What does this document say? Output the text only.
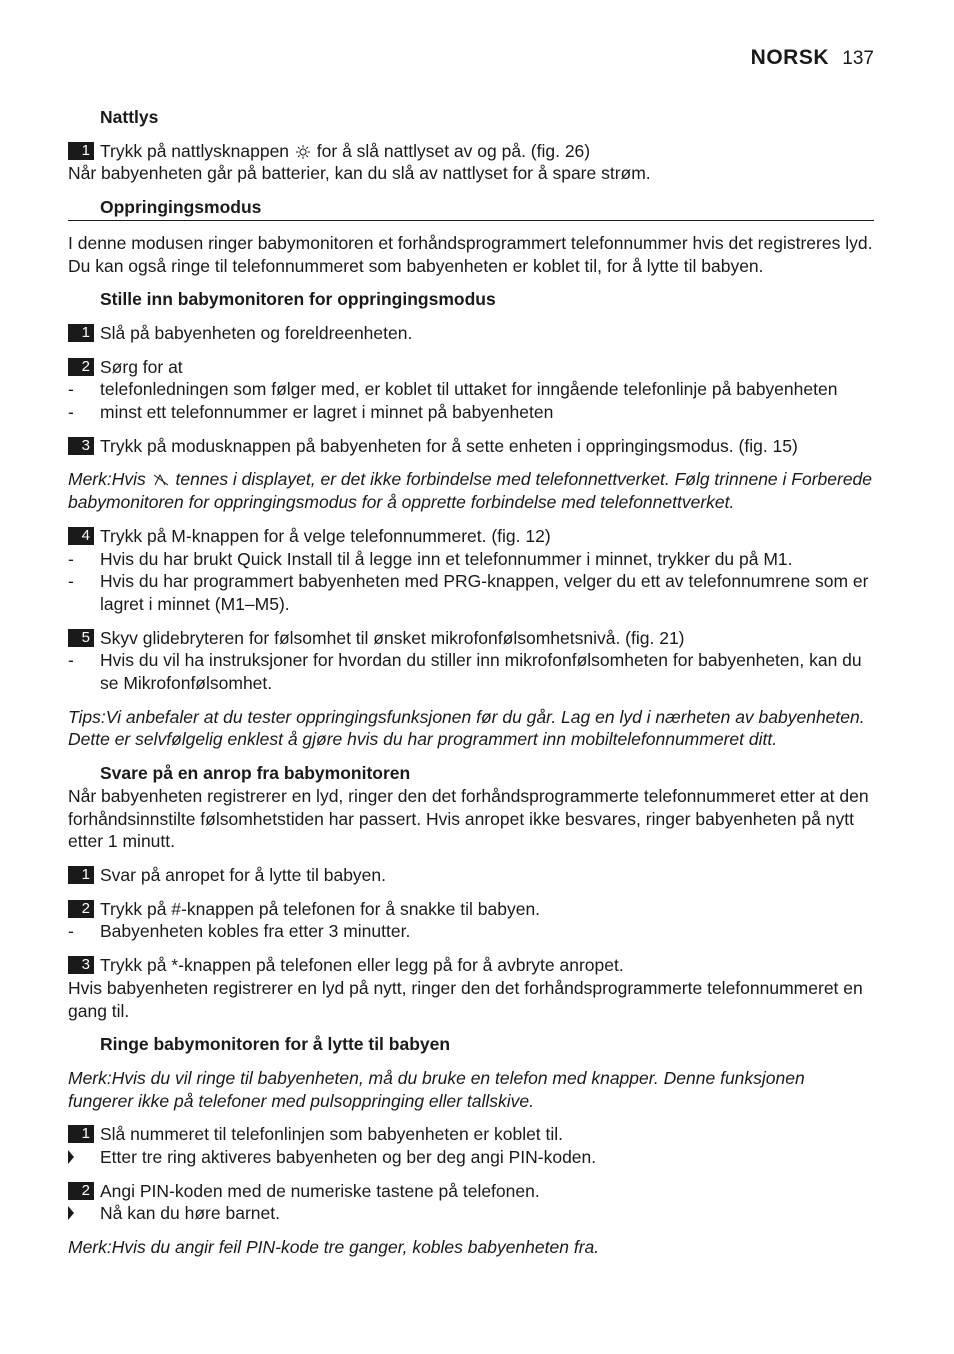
NORSK 137

Nattlys

1 Trykk på nattlysknappen for å slå nattlyset av og på. (fig. 26)

Når babyenheten går på batterier, kan du slå av nattlyset for å spare strøm.

Oppringingsmodus

I denne modusen ringer babymonitoren et forhåndsprogrammert telefonnummer hvis det registreres lyd. Du kan også ringe til telefonnummeret som babyenheten er koblet til, for å lytte til babyen.

Stille inn babymonitoren for oppringingsmodus

1 Slå på babyenheten og foreldreenheten.

2 Sørg for at

- telefonledningen som følger med, er koblet til uttaket for inngående telefonlinje på babyenheten

- minst ett telefonnummer er lagret i minnet på babyenheten

3 Trykk på modusknappen på babyenheten for å sette enheten i oppringingsmodus. (fig. 15)

Merk:Hvis tennes i displayet, er det ikke forbindelse med telefonnettverket. Følg trinnene i Forberede babymonitoren for oppringingsmodus for å opprette forbindelse med telefonnettverket.

4 Trykk på M-knappen for å velge telefonnummeret. (fig. 12)

- Hvis du har brukt Quick Install til å legge inn et telefonnummer i minnet, trykker du på M1.

- Hvis du har programmert babyenheten med PRG-knappen, velger du ett av telefonnumrene som er lagret i minnet (M1–M5).

5 Skyv glidebryteren for følsomhet til ønsket mikrofonfølsomhetsnivå. (fig. 21)

- Hvis du vil ha instruksjoner for hvordan du stiller inn mikrofonfølsomheten for babyenheten, kan du se Mikrofonfølsomhet.

Tips:Vi anbefaler at du tester oppringingsfunksjonen før du går. Lag en lyd i nærheten av babyenheten. Dette er selvfølgelig enklest å gjøre hvis du har programmert inn mobiltelefonnummeret ditt.

Svare på en anrop fra babymonitoren

Når babyenheten registrerer en lyd, ringer den det forhåndsprogrammerte telefonnummeret etter at den forhåndsinnstilte følsomhetstiden har passert. Hvis anropet ikke besvares, ringer babyenheten på nytt etter 1 minutt.

1 Svar på anropet for å lytte til babyen.

2 Trykk på #-knappen på telefonen for å snakke til babyen.

- Babyenheten kobles fra etter 3 minutter.

3 Trykk på *-knappen på telefonen eller legg på for å avbryte anropet.

Hvis babyenheten registrerer en lyd på nytt, ringer den det forhåndsprogrammerte telefonnummeret en gang til.

Ringe babymonitoren for å lytte til babyen

Merk:Hvis du vil ringe til babyenheten, må du bruke en telefon med knapper. Denne funksjonen fungerer ikke på telefoner med pulsoppringing eller tallskive.

1 Slå nummeret til telefonlinjen som babyenheten er koblet til.

Etter tre ring aktiveres babyenheten og ber deg angi PIN-koden.

2 Angi PIN-koden med de numeriske tastene på telefonen.

Nå kan du høre barnet.

Merk:Hvis du angir feil PIN-kode tre ganger, kobles babyenheten fra.
